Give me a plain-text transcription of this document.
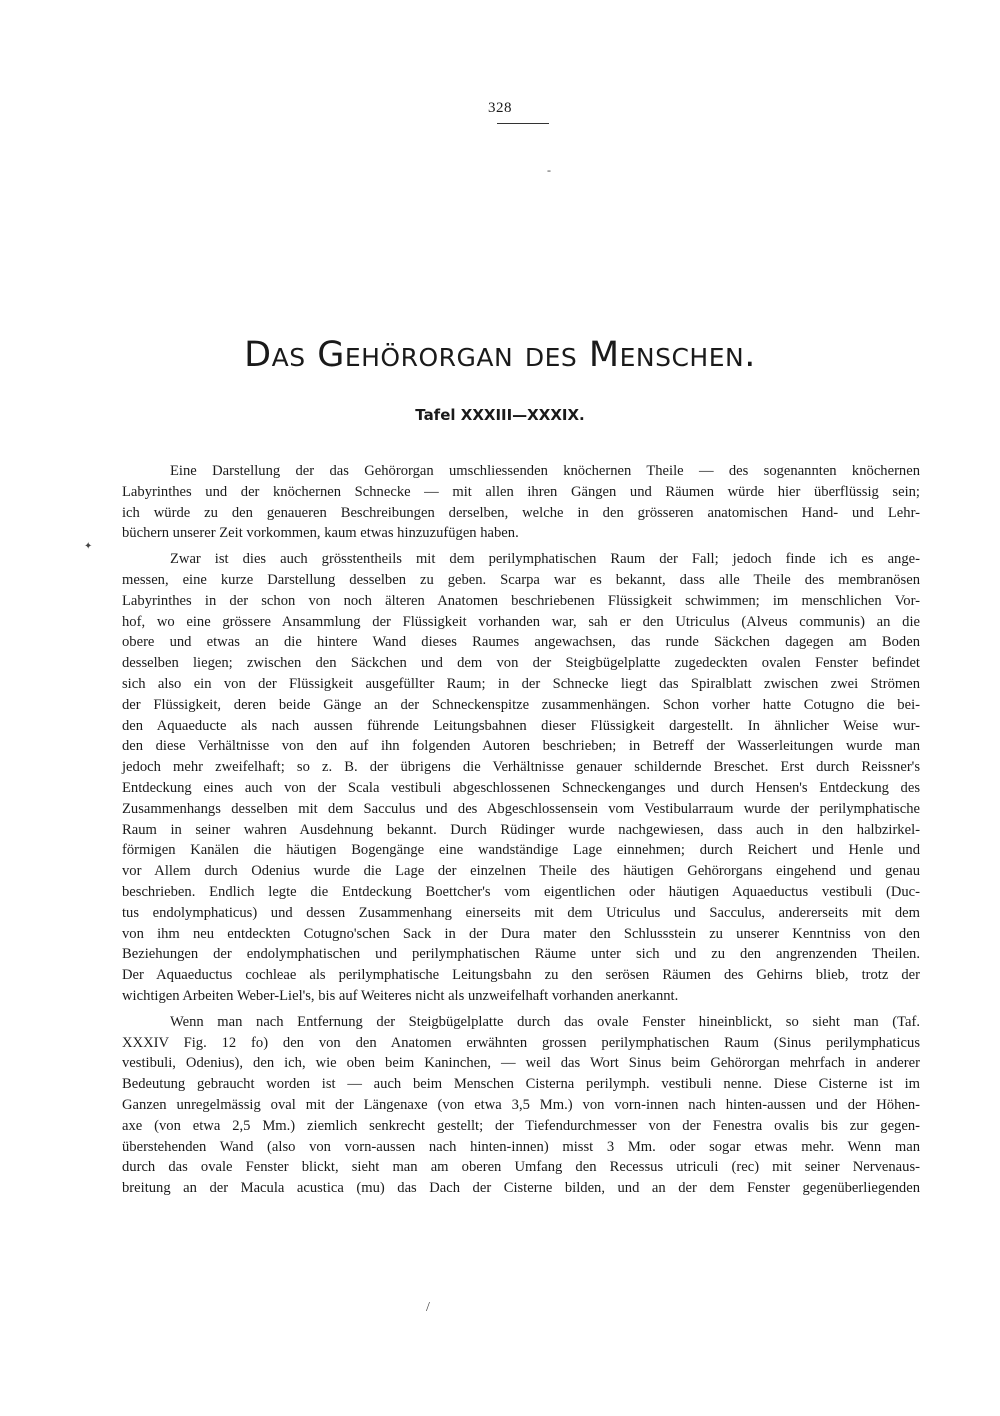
328
‐
✦
/
Das Gehörorgan des Menschen.
Tafel XXXIII—XXXIX.
Eine Darstellung der das Gehörorgan umschliessenden knöchernen Theile — des sogenannten knöchernen
Labyrinthes und der knöchernen Schnecke — mit allen ihren Gängen und Räumen würde hier überflüssig sein;
ich würde zu den genaueren Beschreibungen derselben, welche in den grösseren anatomischen Hand- und Lehr-
büchern unserer Zeit vorkommen, kaum etwas hinzuzufügen haben.
Zwar ist dies auch grösstentheils mit dem perilymphatischen Raum der Fall; jedoch finde ich es ange-
messen, eine kurze Darstellung desselben zu geben. Scarpa war es bekannt, dass alle Theile des membranösen
Labyrinthes in der schon von noch älteren Anatomen beschriebenen Flüssigkeit schwimmen; im menschlichen Vor-
hof, wo eine grössere Ansammlung der Flüssigkeit vorhanden war, sah er den Utriculus (Alveus communis) an die
obere und etwas an die hintere Wand dieses Raumes angewachsen, das runde Säckchen dagegen am Boden
desselben liegen; zwischen den Säckchen und dem von der Steigbügelplatte zugedeckten ovalen Fenster befindet
sich also ein von der Flüssigkeit ausgefüllter Raum; in der Schnecke liegt das Spiralblatt zwischen zwei Strömen
der Flüssigkeit, deren beide Gänge an der Schneckenspitze zusammenhängen. Schon vorher hatte Cotugno die bei-
den Aquaeducte als nach aussen führende Leitungsbahnen dieser Flüssigkeit dargestellt. In ähnlicher Weise wur-
den diese Verhältnisse von den auf ihn folgenden Autoren beschrieben; in Betreff der Wasserleitungen wurde man
jedoch mehr zweifelhaft; so z. B. der übrigens die Verhältnisse genauer schildernde Breschet. Erst durch Reissner's
Entdeckung eines auch von der Scala vestibuli abgeschlossenen Schneckenganges und durch Hensen's Entdeckung des
Zusammenhangs desselben mit dem Sacculus und des Abgeschlossensein vom Vestibularraum wurde der perilymphatische
Raum in seiner wahren Ausdehnung bekannt. Durch Rüdinger wurde nachgewiesen, dass auch in den halbzirkel-
förmigen Kanälen die häutigen Bogengänge eine wandständige Lage einnehmen; durch Reichert und Henle und
vor Allem durch Odenius wurde die Lage der einzelnen Theile des häutigen Gehörorgans eingehend und genau
beschrieben. Endlich legte die Entdeckung Boettcher's vom eigentlichen oder häutigen Aquaeductus vestibuli (Duc-
tus endolymphaticus) und dessen Zusammenhang einerseits mit dem Utriculus und Sacculus, andererseits mit dem
von ihm neu entdeckten Cotugno'schen Sack in der Dura mater den Schlussstein zu unserer Kenntniss von den
Beziehungen der endolymphatischen und perilymphatischen Räume unter sich und zu den angrenzenden Theilen.
Der Aquaeductus cochleae als perilymphatische Leitungsbahn zu den serösen Räumen des Gehirns blieb, trotz der
wichtigen Arbeiten Weber-Liel's, bis auf Weiteres nicht als unzweifelhaft vorhanden anerkannt.
Wenn man nach Entfernung der Steigbügelplatte durch das ovale Fenster hineinblickt, so sieht man (Taf.
XXXIV Fig. 12 fo) den von den Anatomen erwähnten grossen perilymphatischen Raum (Sinus perilymphaticus
vestibuli, Odenius), den ich, wie oben beim Kaninchen, — weil das Wort Sinus beim Gehörorgan mehrfach in anderer
Bedeutung gebraucht worden ist — auch beim Menschen Cisterna perilymph. vestibuli nenne. Diese Cisterne ist im
Ganzen unregelmässig oval mit der Längenaxe (von etwa 3,5 Mm.) von vorn-innen nach hinten-aussen und der Höhen-
axe (von etwa 2,5 Mm.) ziemlich senkrecht gestellt; der Tiefendurchmesser von der Fenestra ovalis bis zur gegen-
überstehenden Wand (also von vorn-aussen nach hinten-innen) misst 3 Mm. oder sogar etwas mehr. Wenn man
durch das ovale Fenster blickt, sieht man am oberen Umfang den Recessus utriculi (rec) mit seiner Nervenaus-
breitung an der Macula acustica (mu) das Dach der Cisterne bilden, und an der dem Fenster gegenüberliegenden
